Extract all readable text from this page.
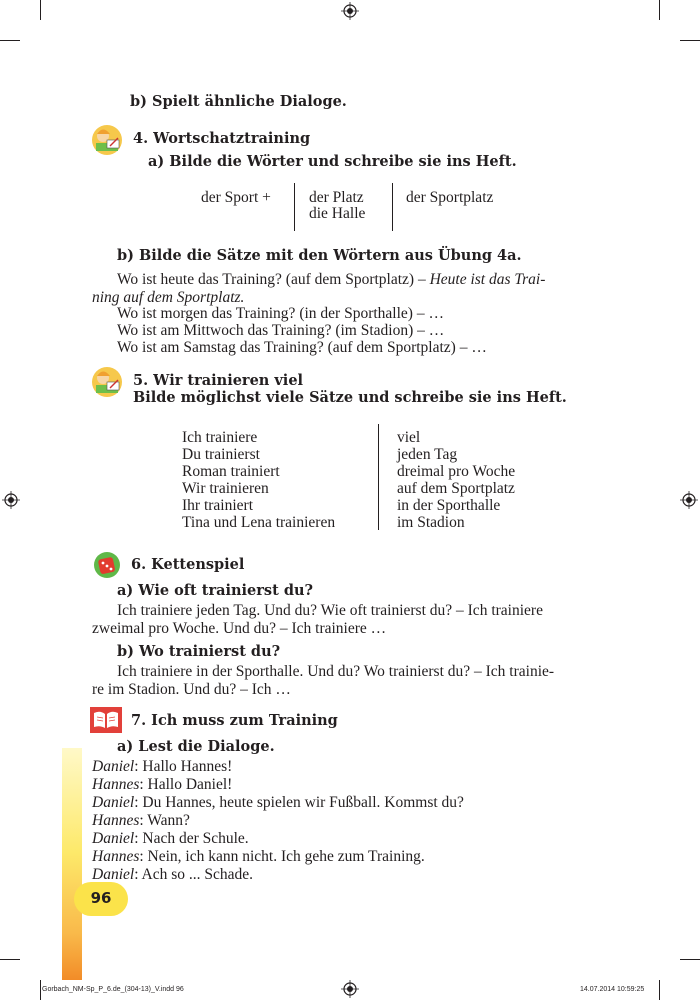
96
b) Spielt ähnliche Dialoge.
4. Wortschatztraining
a) Bilde die Wörter und schreibe sie ins Heft.
der Sport + der Platz
die Halle
der Sportplatz
b) Bilde die Sätze mit den Wörtern aus Übung 4a.
Wo ist heute das Training? (auf dem Sportplatz) – Heute ist das Trai-
ning auf dem Sportplatz.
Wo ist morgen das Training? (in der Sporthalle) – …
Wo ist am Mittwoch das Training? (im Stadion) – …
Wo ist am Samstag das Training? (auf dem Sportplatz) – …
5. Wir trainieren viel
Bilde möglichst viele Sätze und schreibe sie ins Heft.
Ich trainiere
Du trainierst
Roman trainiert
Wir trainieren
Ihr trainiert
Tina und Lena trainieren
viel
jeden Tag
dreimal pro Woche
auf dem Sportplatz
in der Sporthalle
im Stadion
6. Kettenspiel
a) Wie oft trainierst du?
Ich trainiere jeden Tag. Und du? Wie oft trainierst du? – Ich trainiere
zweimal pro Woche. Und du? – Ich trainiere …
b) Wo trainierst du?
Ich trainiere in der Sporthalle. Und du? Wo trainierst du? – Ich trainie-
re im Stadion. Und du? – Ich …
7. Ich muss zum Training
a) Lest die Dialoge.
Daniel: Hallo Hannes!
Hannes: Hallo Daniel!
Daniel: Du Hannes, heute spielen wir Fußball. Kommst du?
Hannes: Wann?
Daniel: Nach der Schule.
Hannes: Nein, ich kann nicht. Ich gehe zum Training.
Daniel: Ach so ... Schade.
Gorbach_NM-Sp_P_6.de_(304-13)_V.indd 96	14.07.2014 10:59:25
